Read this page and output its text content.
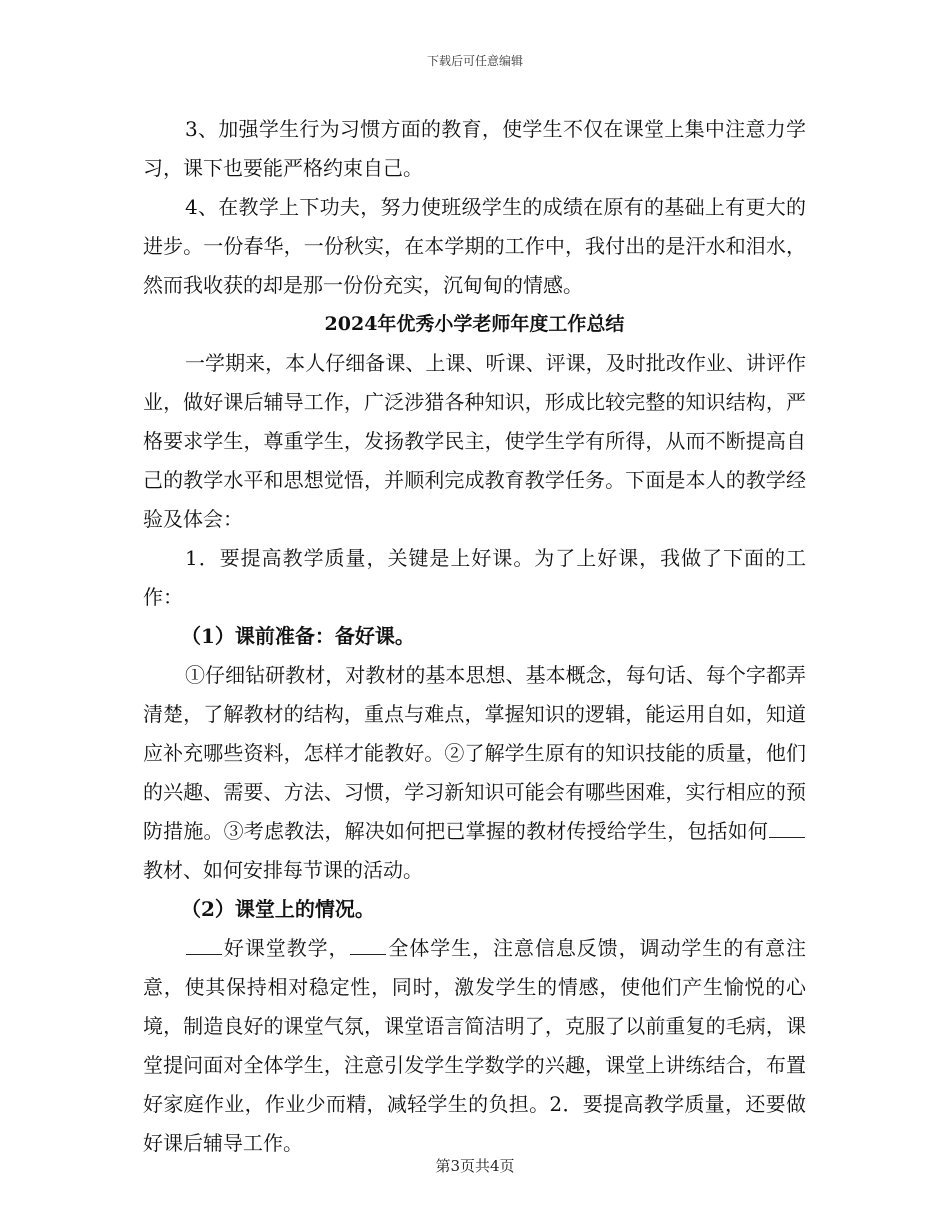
下载后可任意编辑

3、加强学生行为习惯方面的教育，使学生不仅在课堂上集中注意力学习，课下也要能严格约束自己。

4、在教学上下功夫，努力使班级学生的成绩在原有的基础上有更大的进步。一份春华，一份秋实，在本学期的工作中，我付出的是汗水和泪水，然而我收获的却是那一份份充实，沉甸甸的情感。

2024年优秀小学老师年度工作总结

一学期来，本人仔细备课、上课、听课、评课，及时批改作业、讲评作业，做好课后辅导工作，广泛涉猎各种知识，形成比较完整的知识结构，严格要求学生，尊重学生，发扬教学民主，使学生学有所得，从而不断提高自己的教学水平和思想觉悟，并顺利完成教育教学任务。下面是本人的教学经验及体会：

1．要提高教学质量，关键是上好课。为了上好课，我做了下面的工作：

（1）课前准备：备好课。

①仔细钻研教材，对教材的基本思想、基本概念，每句话、每个字都弄清楚，了解教材的结构，重点与难点，掌握知识的逻辑，能运用自如，知道应补充哪些资料，怎样才能教好。②了解学生原有的知识技能的质量，他们的兴趣、需要、方法、习惯，学习新知识可能会有哪些困难，实行相应的预防措施。③考虑教法，解决如何把已掌握的教材传授给学生，包括如何教材、如何安排每节课的活动。

（2）课堂上的情况。

好课堂教学， 全体学生，注意信息反馈，调动学生的有意注意，使其保持相对稳定性，同时，激发学生的情感，使他们产生愉悦的心境，制造良好的课堂气氛，课堂语言简洁明了，克服了以前重复的毛病，课堂提问面对全体学生，注意引发学生学数学的兴趣，课堂上讲练结合，布置好家庭作业，作业少而精，减轻学生的负担。2．要提高教学质量，还要做好课后辅导工作。

第3页共4页
